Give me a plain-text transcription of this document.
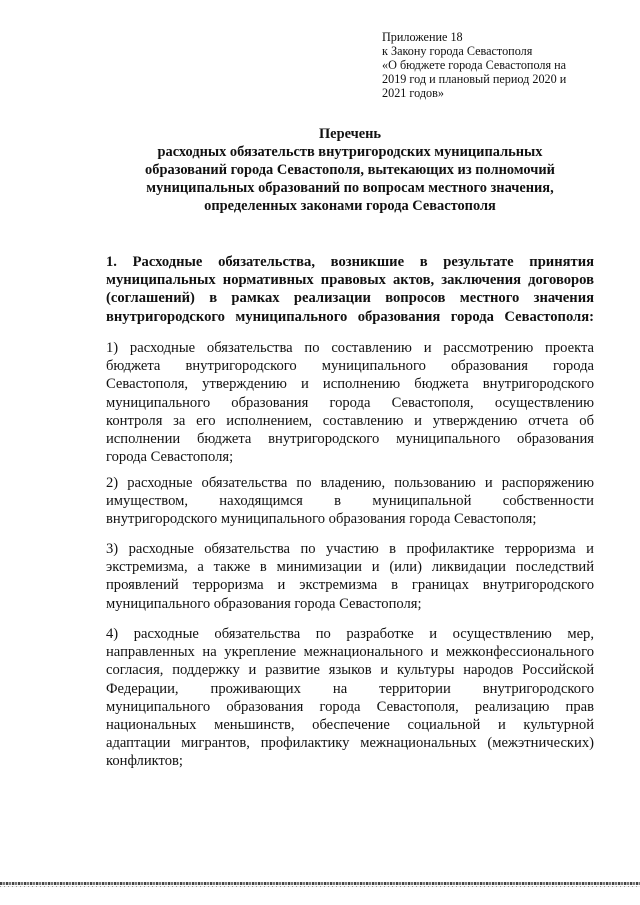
Приложение 18
к Закону города Севастополя
«О бюджете города Севастополя на
2019 год и плановый период 2020 и
2021 годов»
Перечень
расходных обязательств внутригородских муниципальных
образований города Севастополя, вытекающих из полномочий
муниципальных образований по вопросам местного значения,
определенных законами города Севастополя
1. Расходные обязательства, возникшие в результате принятия
муниципальных нормативных правовых актов, заключения договоров
(соглашений) в рамках реализации вопросов местного значения
внутригородского муниципального образования города Севастополя:
1) расходные обязательства по составлению и рассмотрению проекта
бюджета внутригородского муниципального образования города
Севастополя, утверждению и исполнению бюджета внутригородского
муниципального образования города Севастополя, осуществлению
контроля за его исполнением, составлению и утверждению отчета об
исполнении бюджета внутригородского муниципального образования
города Севастополя;
2) расходные обязательства по владению, пользованию и распоряжению
имуществом, находящимся в муниципальной собственности
внутригородского муниципального образования города Севастополя;
3) расходные обязательства по участию в профилактике терроризма и
экстремизма, а также в минимизации и (или) ликвидации последствий
проявлений терроризма и экстремизма в границах внутригородского
муниципального образования города Севастополя;
4) расходные обязательства по разработке и осуществлению мер,
направленных на укрепление межнационального и межконфессионального
согласия, поддержку и развитие языков и культуры народов Российской
Федерации, проживающих на территории внутригородского
муниципального образования города Севастополя, реализацию прав
национальных меньшинств, обеспечение социальной и культурной
адаптации мигрантов, профилактику межнациональных (межэтнических)
конфликтов;
